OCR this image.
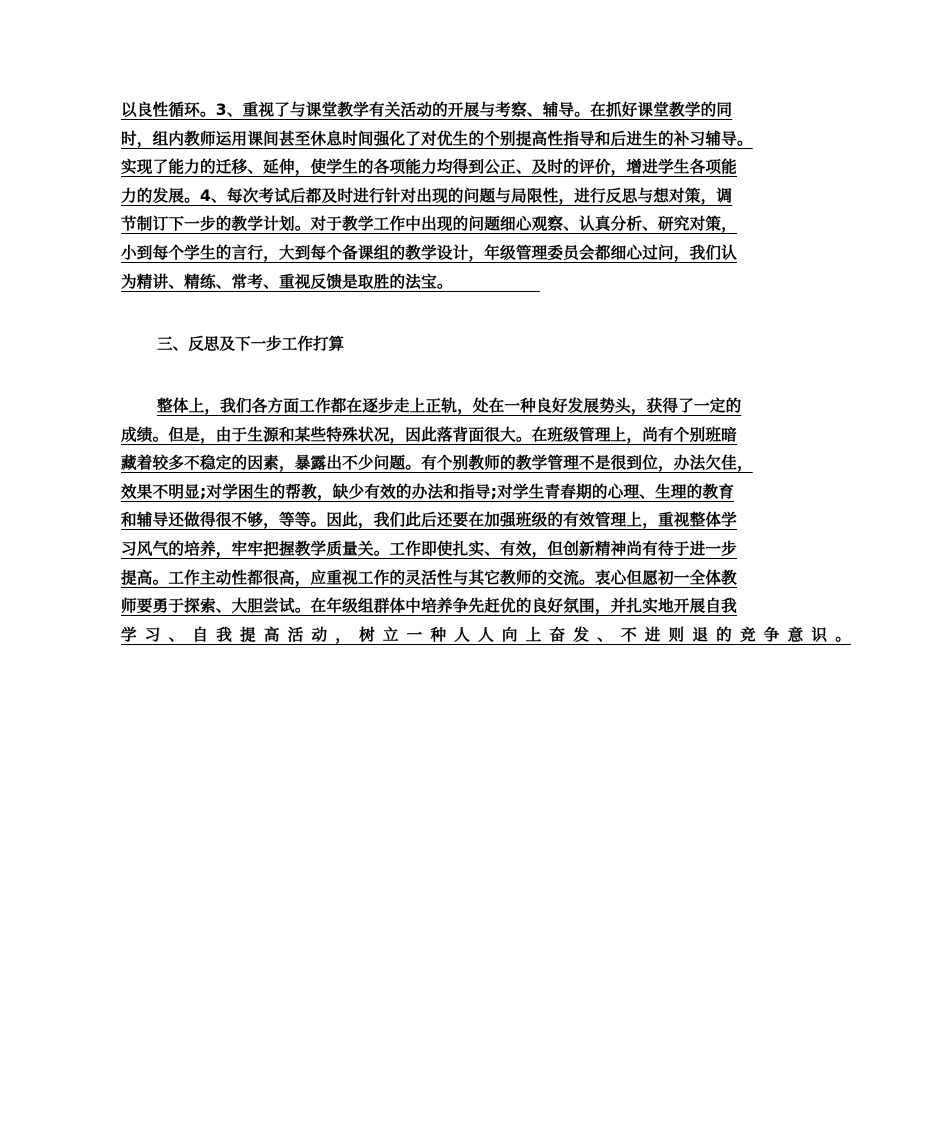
以良性循环。3、重视了与课堂教学有关活动的开展与考察、辅导。在抓好课堂教学的同
时，组内教师运用课间甚至休息时间强化了对优生的个别提高性指导和后进生的补习辅导。
实现了能力的迁移、延伸，使学生的各项能力均得到公正、及时的评价，增进学生各项能
力的发展。4、每次考试后都及时进行针对出现的问题与局限性，进行反思与想对策，调
节制订下一步的教学计划。对于教学工作中出现的问题细心观察、认真分析、研究对策，
小到每个学生的言行，大到每个备课组的教学设计，年级管理委员会都细心过问，我们认
为精讲、精练、常考、重视反馈是取胜的法宝。　　　　　　
三、反思及下一步工作打算
整体上，我们各方面工作都在逐步走上正轨，处在一种良好发展势头，获得了一定的
成绩。但是，由于生源和某些特殊状况，因此落背面很大。在班级管理上，尚有个别班暗
藏着较多不稳定的因素，暴露出不少问题。有个别教师的教学管理不是很到位，办法欠佳，
效果不明显;对学困生的帮教，缺少有效的办法和指导;对学生青春期的心理、生理的教育
和辅导还做得很不够，等等。因此，我们此后还要在加强班级的有效管理上，重视整体学
习风气的培养，牢牢把握教学质量关。工作即使扎实、有效，但创新精神尚有待于进一步
提高。工作主动性都很高，应重视工作的灵活性与其它教师的交流。衷心但愿初一全体教
师要勇于探索、大胆尝试。在年级组群体中培养争先赶优的良好氛围，并扎实地开展自我
学习、自我提高活动，树立一种人人向上奋发、不进则退的竞争意识。
